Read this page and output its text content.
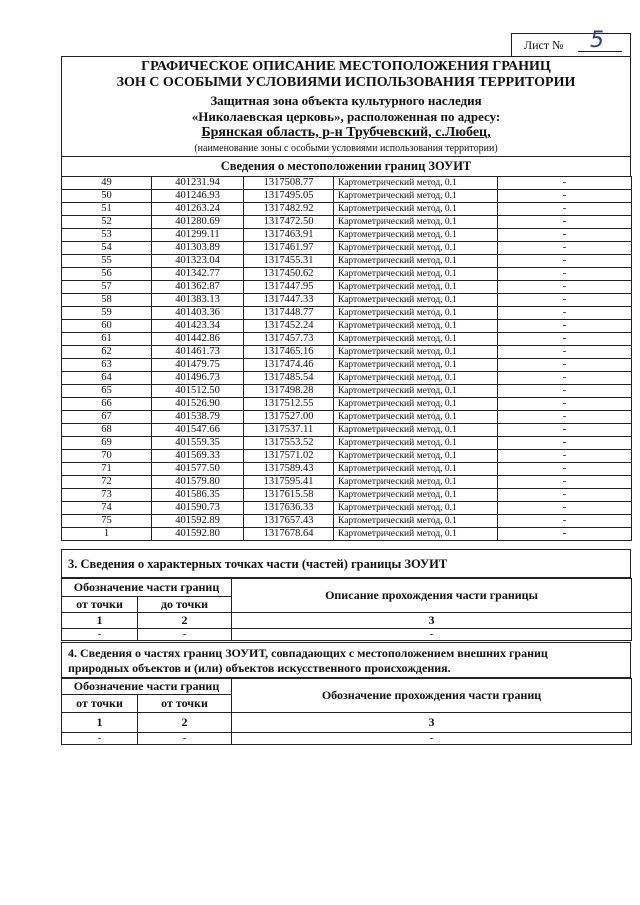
Лист № 5
ГРАФИЧЕСКОЕ ОПИСАНИЕ МЕСТОПОЛОЖЕНИЯ ГРАНИЦ
ЗОН С ОСОБЫМИ УСЛОВИЯМИ ИСПОЛЬЗОВАНИЯ ТЕРРИТОРИИ
Защитная зона объекта культурного наследия
«Николаевская церковь», расположенная по адресу:
Брянская область, р-н Трубчевский, с.Любец,
(наименование зоны с особыми условиями использования территории)
Сведения о местоположении границ ЗОУИТ
49	401231.94	1317508.77	Картометрический метод, 0.1	-
50	401246.93	1317495.05	Картометрический метод, 0.1	-
51	401263.24	1317482.92	Картометрический метод, 0.1	-
52	401280.69	1317472.50	Картометрический метод, 0.1	-
53	401299.11	1317463.91	Картометрический метод, 0.1	-
54	401303.89	1317461.97	Картометрический метод, 0.1	-
55	401323.04	1317455.31	Картометрический метод, 0.1	-
56	401342.77	1317450.62	Картометрический метод, 0.1	-
57	401362.87	1317447.95	Картометрический метод, 0.1	-
58	401383.13	1317447.33	Картометрический метод, 0.1	-
59	401403.36	1317448.77	Картометрический метод, 0.1	-
60	401423.34	1317452.24	Картометрический метод, 0.1	-
61	401442.86	1317457.73	Картометрический метод, 0.1	-
62	401461.73	1317465.16	Картометрический метод, 0.1	-
63	401479.75	1317474.46	Картометрический метод, 0.1	-
64	401496.73	1317485.54	Картометрический метод, 0.1	-
65	401512.50	1317498.28	Картометрический метод, 0.1	-
66	401526.90	1317512.55	Картометрический метод, 0.1	-
67	401538.79	1317527.00	Картометрический метод, 0.1	-
68	401547.66	1317537.11	Картометрический метод, 0.1	-
69	401559.35	1317553.52	Картометрический метод, 0.1	-
70	401569.33	1317571.02	Картометрический метод, 0.1	-
71	401577.50	1317589.43	Картометрический метод, 0.1	-
72	401579.80	1317595.41	Картометрический метод, 0.1	-
73	401586.35	1317615.58	Картометрический метод, 0.1	-
74	401590.73	1317636.33	Картометрический метод, 0.1	-
75	401592.89	1317657.43	Картометрический метод, 0.1	-
1	401592.80	1317678.64	Картометрический метод, 0.1	-
3. Сведения о характерных точках части (частей) границы ЗОУИТ
Обозначение части границ		Описание прохождения части границы
от точки	до точки	
1	2	3
-	-	-
4. Сведения о частях границ ЗОУИТ, совпадающих с местоположением внешних границ
природных объектов и (или) объектов искусственного происхождения.
Обозначение части границ		Обозначение прохождения части границ
от точки	от точки	
1	2	3
-	-	-
